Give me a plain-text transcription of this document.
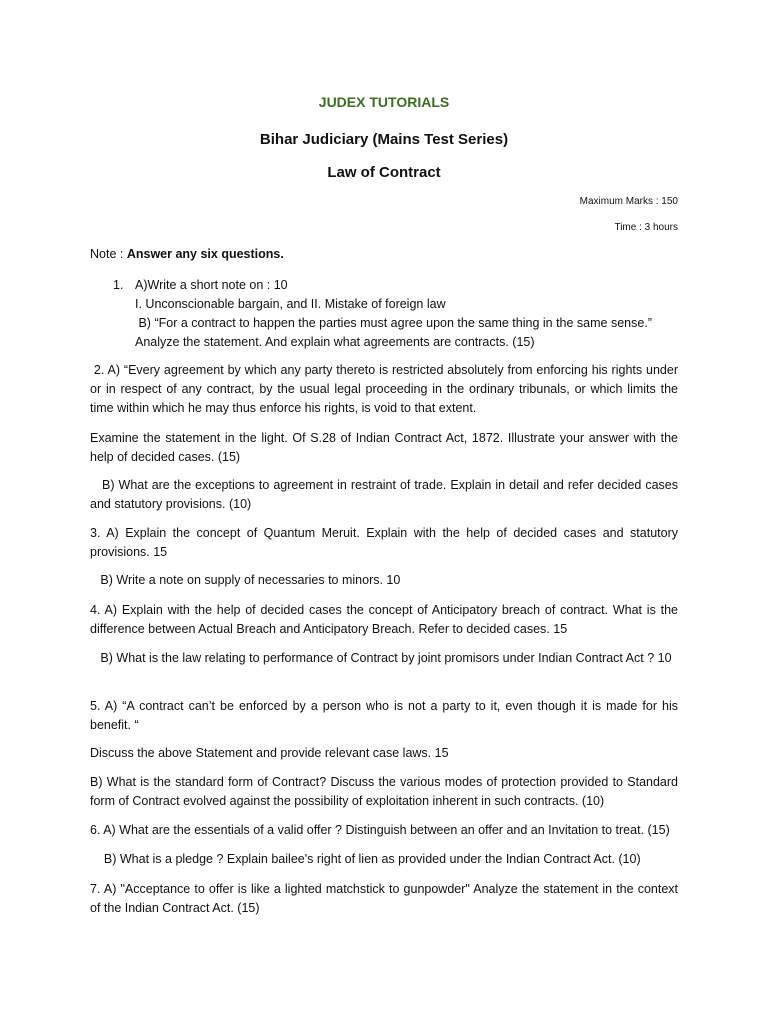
JUDEX TUTORIALS
Bihar Judiciary (Mains Test Series)
Law of Contract
Maximum Marks : 150
Time : 3 hours
Note : Answer any six questions.
1. A)Write a short note on : 10
I. Unconscionable bargain, and II. Mistake of foreign law
B) “For a contract to happen the parties must agree upon the same thing in the same sense.”
Analyze the statement. And explain what agreements are contracts. (15)
2. A) “Every agreement by which any party thereto is restricted absolutely from enforcing his rights under or in respect of any contract, by the usual legal proceeding in the ordinary tribunals, or which limits the time within which he may thus enforce his rights, is void to that extent.
Examine the statement in the light. Of S.28 of Indian Contract Act, 1872. Illustrate your answer with the help of decided cases. (15)
B) What are the exceptions to agreement in restraint of trade. Explain in detail and refer decided cases and statutory provisions. (10)
3. A) Explain the concept of Quantum Meruit. Explain with the help of decided cases and statutory provisions. 15
B) Write a note on supply of necessaries to minors. 10
4. A) Explain with the help of decided cases the concept of Anticipatory breach of contract. What is the difference between Actual Breach and Anticipatory Breach. Refer to decided cases. 15
B) What is the law relating to performance of Contract by joint promisors under Indian Contract Act ? 10
5. A) “A contract can’t be enforced by a person who is not a party to it, even though it is made for his benefit. “
Discuss the above Statement and provide relevant case laws. 15
B) What is the standard form of Contract? Discuss the various modes of protection provided to Standard form of Contract evolved against the possibility of exploitation inherent in such contracts. (10)
6. A) What are the essentials of a valid offer ? Distinguish between an offer and an Invitation to treat. (15)
B) What is a pledge ? Explain bailee's right of lien as provided under the Indian Contract Act. (10)
7. A) "Acceptance to offer is like a lighted matchstick to gunpowder" Analyze the statement in the context of the Indian Contract Act. (15)
